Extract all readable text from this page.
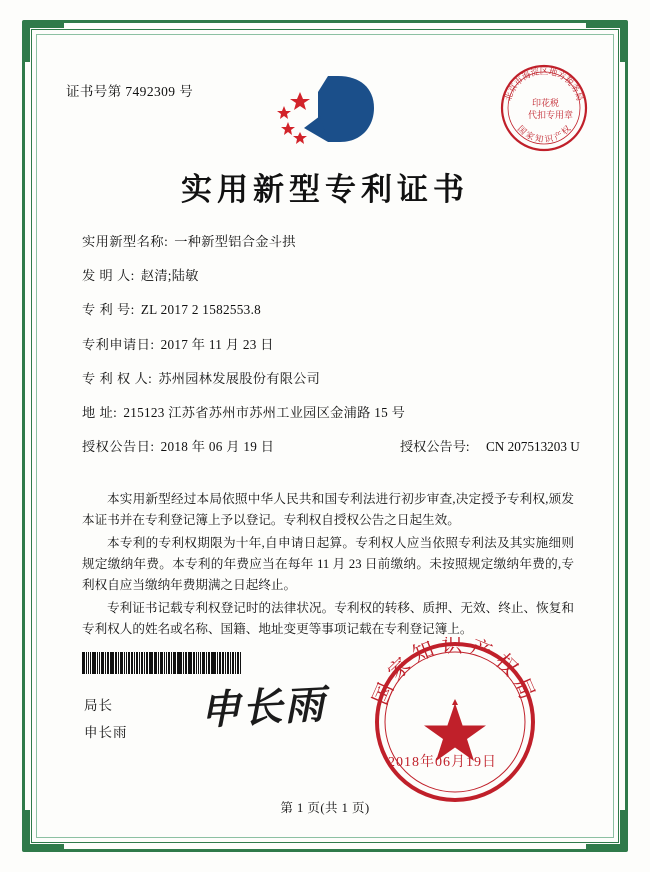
证书号第 7492309 号	北京市海淀区地方税务局
国 家 知 识 产 权
印花税
代扣专用章
实用新型专利证书
实用新型名称: 一种新型铝合金斗拱
发 明 人: 赵清;陆敏
专 利 号: ZL 2017 2 1582553.8
专利申请日: 2017 年 11 月 23 日
专 利 权 人: 苏州园林发展股份有限公司
地 址: 215123 江苏省苏州市苏州工业园区金浦路 15 号
授权公告日: 2018 年 06 月 19 日	授权公告号: CN 207513203 U

本实用新型经过本局依照中华人民共和国专利法进行初步审查,决定授予专利权,颁发本证书并在专利登记簿上予以登记。专利权自授权公告之日起生效。

本专利的专利权期限为十年,自申请日起算。专利权人应当依照专利法及其实施细则规定缴纳年费。本专利的年费应当在每年 11 月 23 日前缴纳。未按照规定缴纳年费的,专利权自应当缴纳年费期满之日起终止。

专利证书记载专利权登记时的法律状况。专利权的转移、质押、无效、终止、恢复和专利权人的姓名或名称、国籍、地址变更等事项记载在专利登记簿上。

局长
申长雨 申长雨 国家知识产权局
2018年06月19日
第 1 页(共 1 页)
